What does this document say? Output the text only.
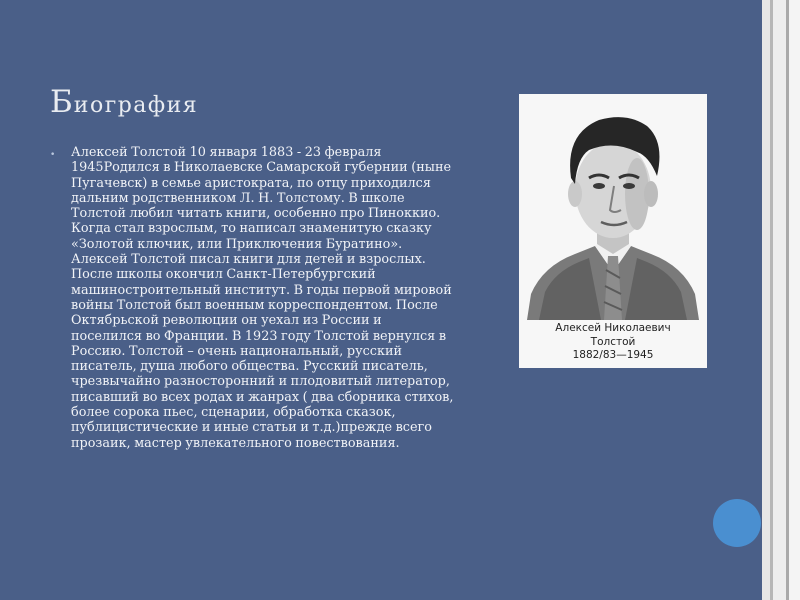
Биография
• Алексей Толстой 10 января 1883 - 23 февраля 1945Родился в Николаевске Самарской губернии (ныне Пугачевск) в семье аристократа, по отцу приходился дальним родственником Л. Н. Толстому. В школе Толстой любил читать книги, особенно про Пиноккио. Когда стал взрослым, то написал знаменитую сказку «Золотой ключик, или Приключения Буратино». Алексей Толстой писал книги для детей и взрослых. После школы окончил Санкт-Петербургский машиностроительный институт. В годы первой мировой войны Толстой был военным корреспондентом. После Октябрьской революции он уехал из России и поселился во Франции. В 1923 году Толстой вернулся в Россию. Толстой – очень национальный, русский писатель, душа любого общества. Русский писатель, чрезвычайно разносторонний и плодовитый литератор, писавший во всех родах и жанрах ( два сборника стихов, более сорока пьес, сценарии, обработка сказок, публицистические и иные статьи и т.д.)прежде всего прозаик, мастер увлекательного повествования.

Алексей Николаевич
Толстой
1882/83—1945
